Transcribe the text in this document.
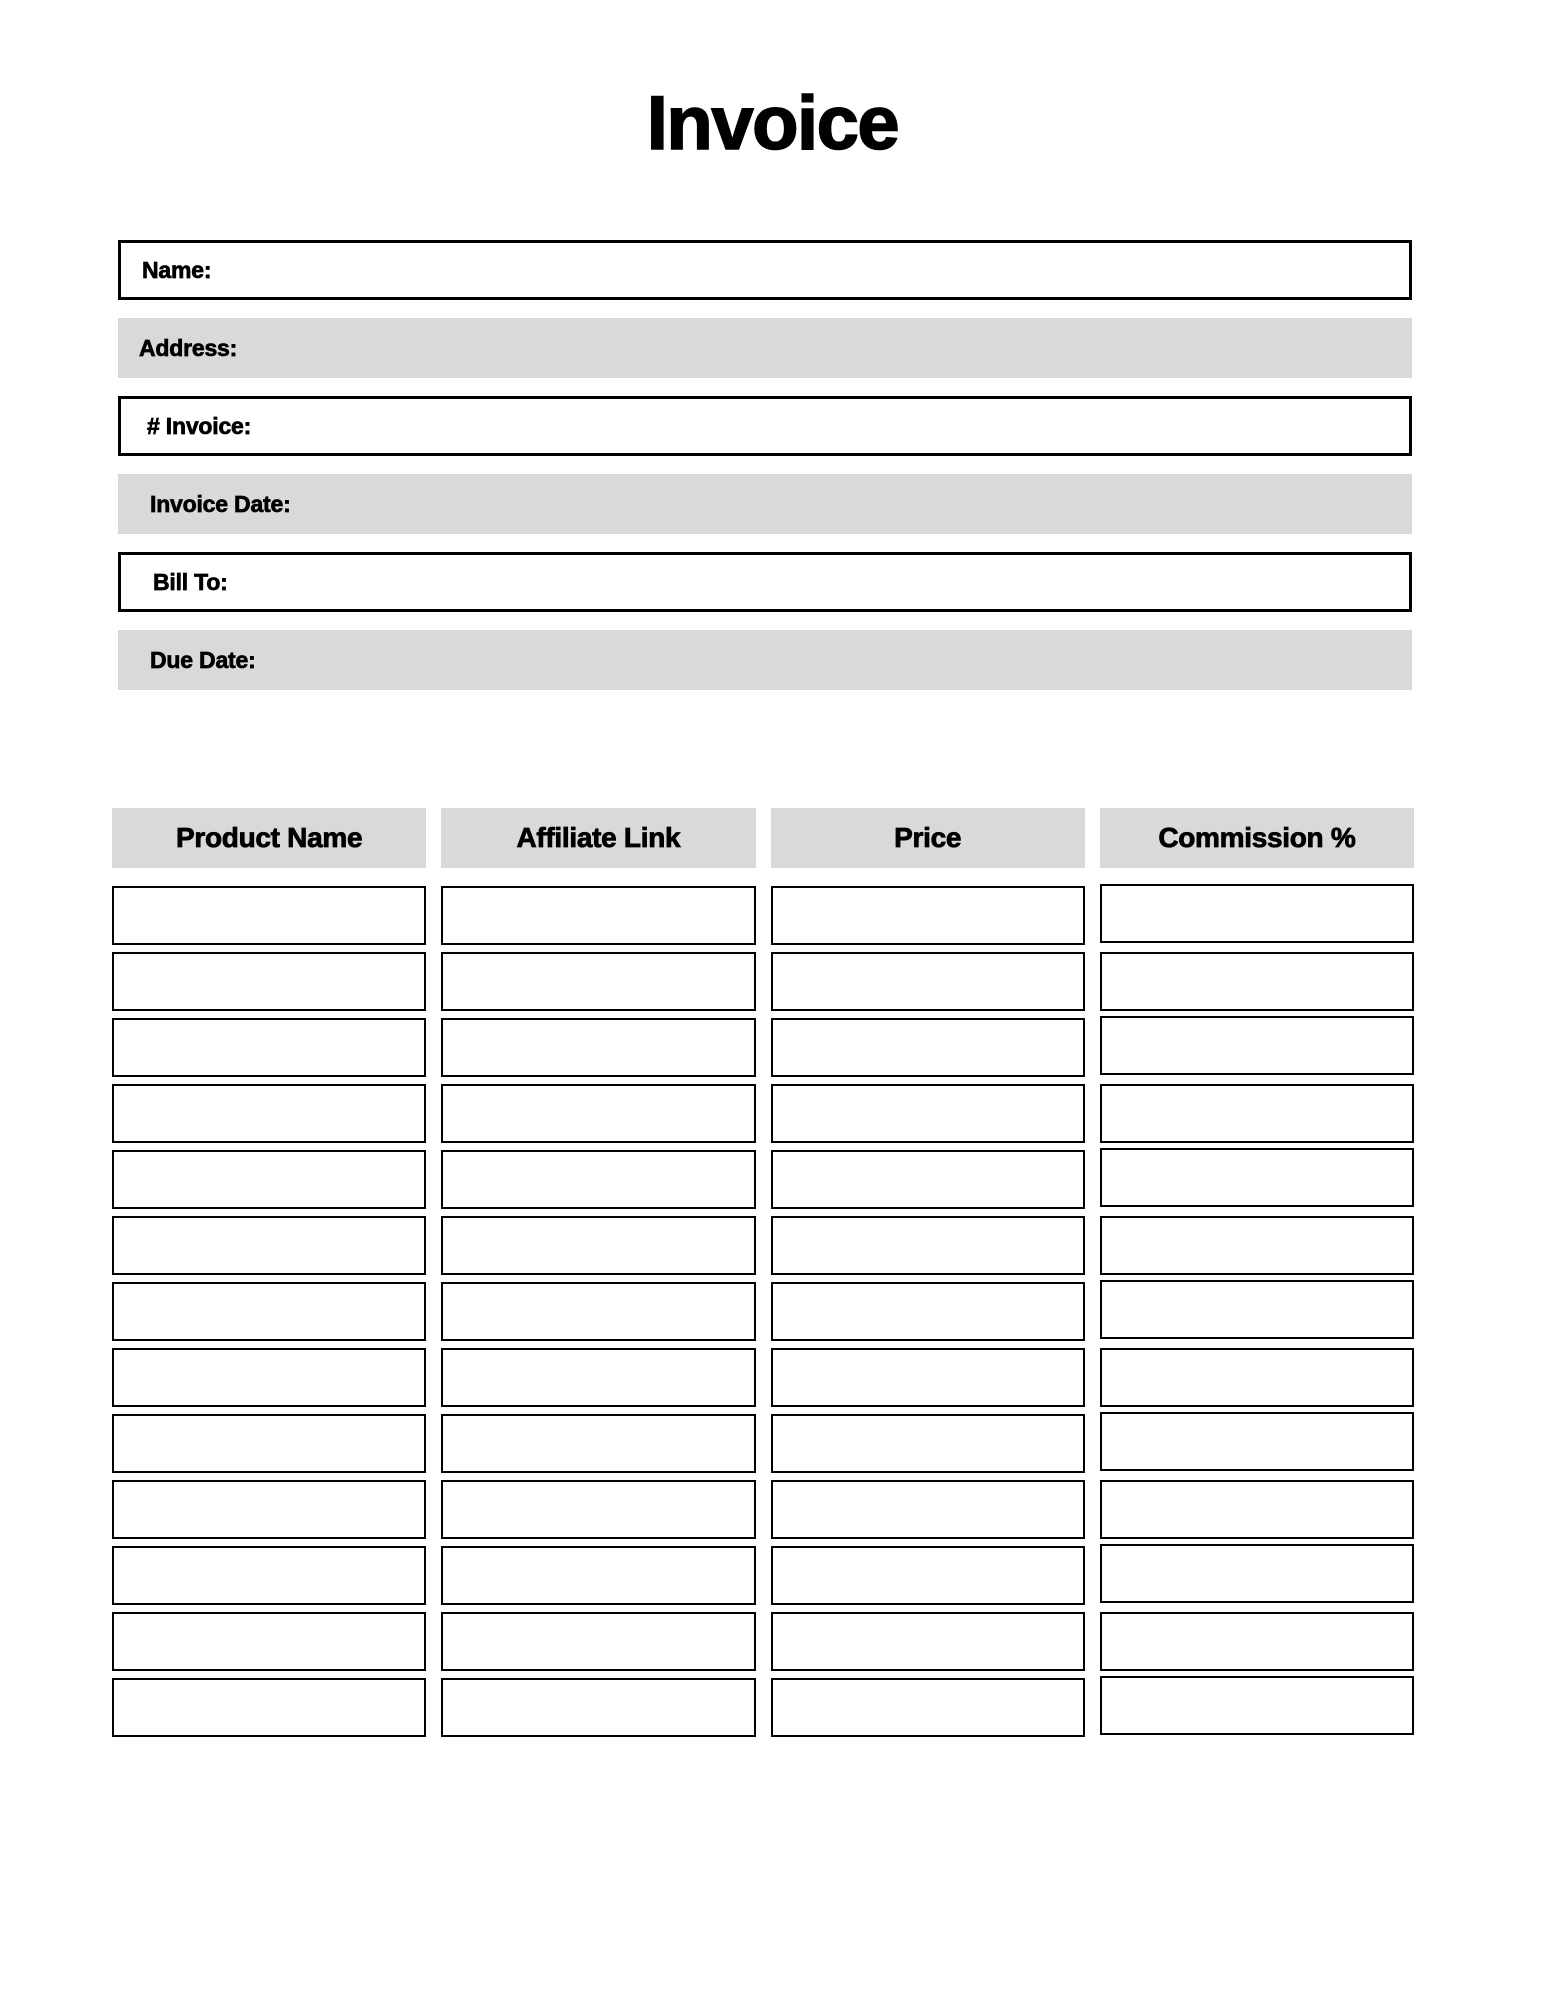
Invoice
Name:
Address:
# Invoice:
Invoice Date:
Bill To:
Due Date:
Product Name	Affiliate Link	Price	Commission %
